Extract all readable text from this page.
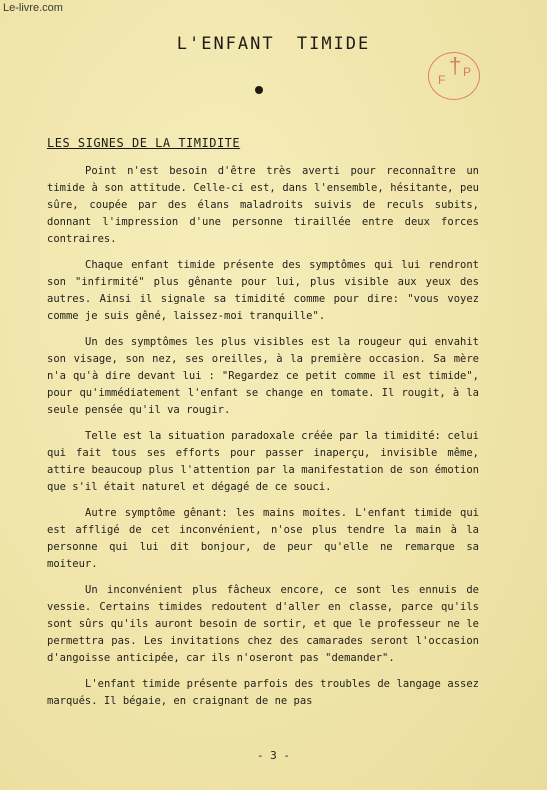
Le-livre.com
L'ENFANT TIMIDE
F
† P
LES SIGNES DE LA TIMIDITE

Point n'est besoin d'être très averti pour reconnaître un timide à son attitude. Celle-ci est, dans l'ensemble, hésitante, peu sûre, coupée par des élans maladroits suivis de reculs subits, donnant l'impression d'une personne tiraillée entre deux forces contraires.

Chaque enfant timide présente des symptômes qui lui rendront son "infirmité" plus gênante pour lui, plus visible aux yeux des autres. Ainsi il signale sa timidité comme pour dire: "vous voyez comme je suis gêné, laissez-moi tranquille".

Un des symptômes les plus visibles est la rougeur qui envahit son visage, son nez, ses oreilles, à la première occasion. Sa mère n'a qu'à dire devant lui : "Regardez ce petit comme il est timide", pour qu'immédiatement l'enfant se change en tomate. Il rougit, à la seule pensée qu'il va rougir.

Telle est la situation paradoxale créée par la timidité: celui qui fait tous ses efforts pour passer inaperçu, invisible même, attire beaucoup plus l'attention par la manifestation de son émotion que s'il était naturel et dégagé de ce souci.

Autre symptôme gênant: les mains moites. L'enfant timide qui est affligé de cet inconvénient, n'ose plus tendre la main à la personne qui lui dit bonjour, de peur qu'elle ne remarque sa moiteur.

Un inconvénient plus fâcheux encore, ce sont les ennuis de vessie. Certains timides redoutent d'aller en classe, parce qu'ils sont sûrs qu'ils auront besoin de sortir, et que le professeur ne le permettra pas. Les invitations chez des camarades seront l'occasion d'angoisse anticipée, car ils n'oseront pas "demander".

L'enfant timide présente parfois des troubles de langage assez marqués. Il bégaie, en craignant de ne pas

- 3 -
